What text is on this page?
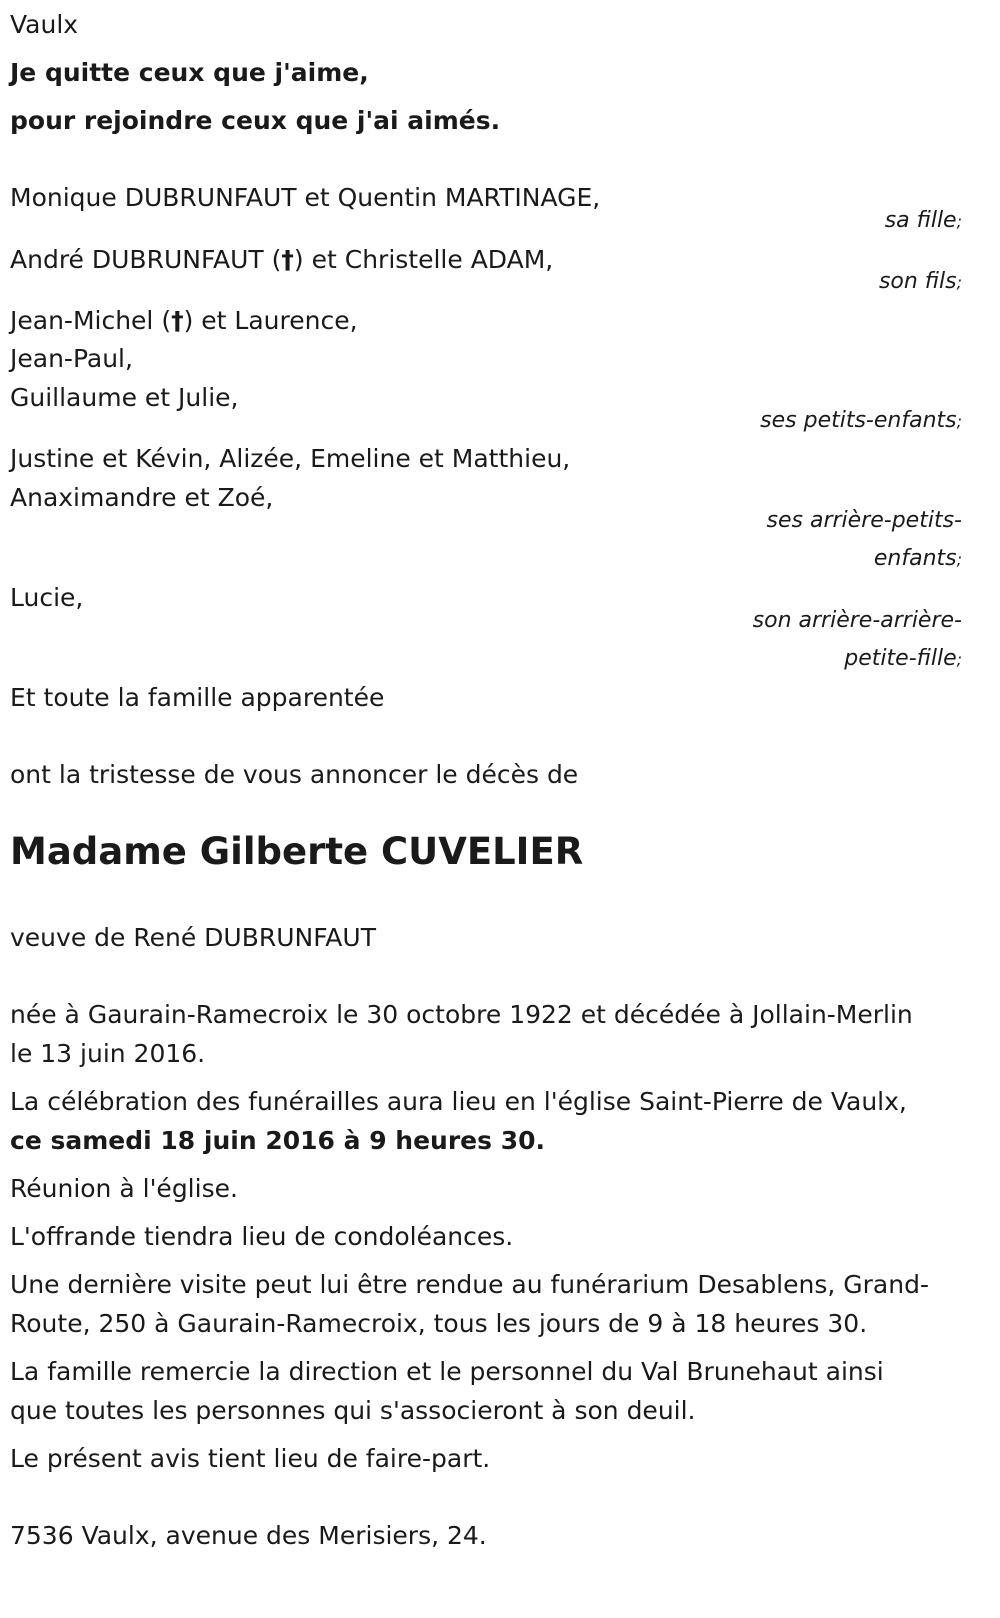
Vaulx
Je quitte ceux que j'aime,
pour rejoindre ceux que j'ai aimés.
Monique DUBRUNFAUT et Quentin MARTINAGE,
sa fille;
André DUBRUNFAUT (†) et Christelle ADAM,
son fils;
Jean-Michel (†) et Laurence,
Jean-Paul,
Guillaume et Julie,
ses petits-enfants;
Justine et Kévin, Alizée, Emeline et Matthieu,
Anaximandre et Zoé,
ses arrière-petits-
enfants;
Lucie,
son arrière-arrière-
petite-fille;
Et toute la famille apparentée
ont la tristesse de vous annoncer le décès de
Madame Gilberte CUVELIER
veuve de René DUBRUNFAUT
née à Gaurain-Ramecroix le 30 octobre 1922 et décédée à Jollain-Merlin
le 13 juin 2016.
La célébration des funérailles aura lieu en l'église Saint-Pierre de Vaulx,
ce samedi 18 juin 2016 à 9 heures 30.
Réunion à l'église.
L'offrande tiendra lieu de condoléances.
Une dernière visite peut lui être rendue au funérarium Desablens, Grand-
Route, 250 à Gaurain-Ramecroix, tous les jours de 9 à 18 heures 30.
La famille remercie la direction et le personnel du Val Brunehaut ainsi
que toutes les personnes qui s'associeront à son deuil.
Le présent avis tient lieu de faire-part.
7536 Vaulx, avenue des Merisiers, 24.
